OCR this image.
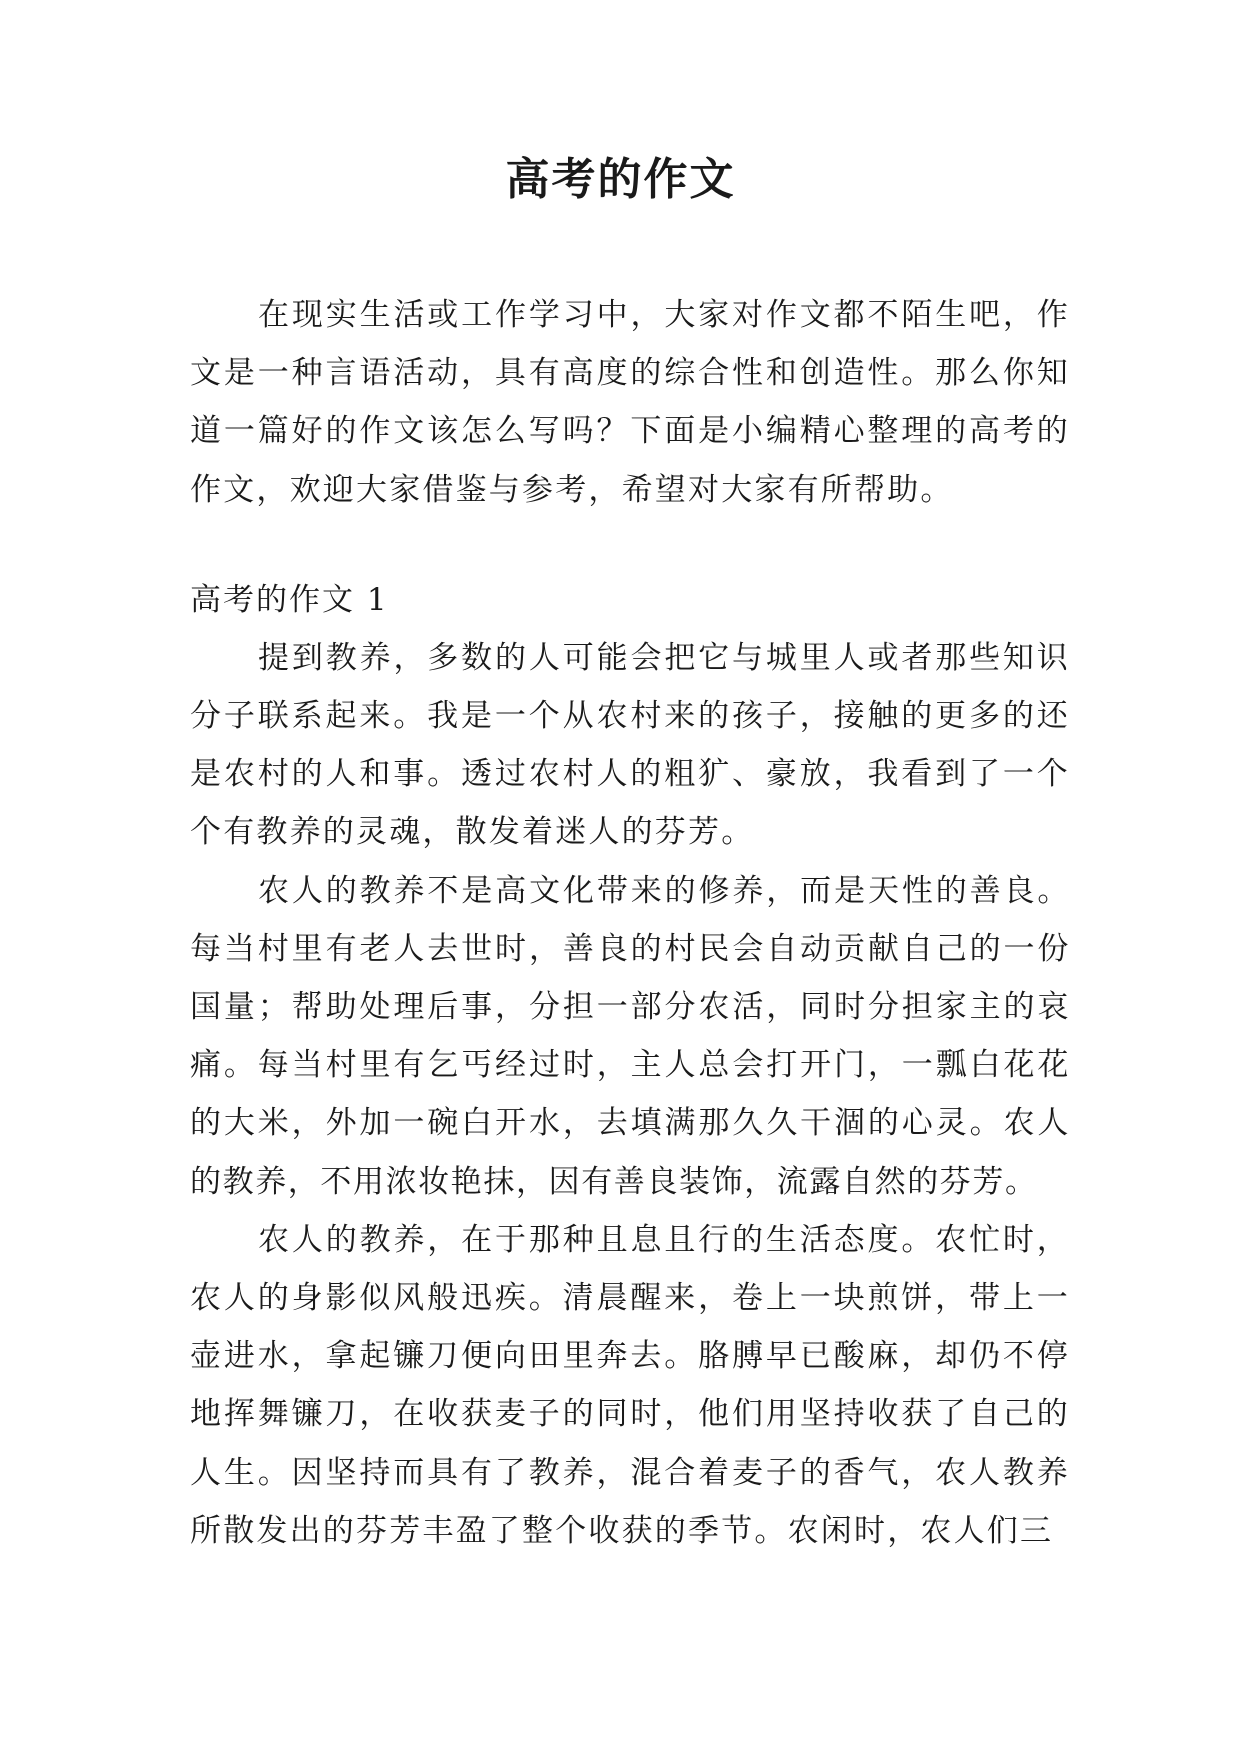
高考的作文

在现实生活或工作学习中，大家对作文都不陌生吧，作文是一种言语活动，具有高度的综合性和创造性。那么你知道一篇好的作文该怎么写吗？下面是小编精心整理的高考的作文，欢迎大家借鉴与参考，希望对大家有所帮助。

高考的作文 1

提到教养，多数的人可能会把它与城里人或者那些知识分子联系起来。我是一个从农村来的孩子，接触的更多的还是农村的人和事。透过农村人的粗犷、豪放，我看到了一个个有教养的灵魂，散发着迷人的芬芳。

农人的教养不是高文化带来的修养，而是天性的善良。每当村里有老人去世时，善良的村民会自动贡献自己的一份国量；帮助处理后事，分担一部分农活，同时分担家主的哀痛。每当村里有乞丐经过时，主人总会打开门，一瓢白花花的大米，外加一碗白开水，去填满那久久干涸的心灵。农人的教养，不用浓妆艳抹，因有善良装饰，流露自然的芬芳。

农人的教养，在于那种且息且行的生活态度。农忙时，农人的身影似风般迅疾。清晨醒来，卷上一块煎饼，带上一壶进水，拿起镰刀便向田里奔去。胳膊早已酸麻，却仍不停地挥舞镰刀，在收获麦子的同时，他们用坚持收获了自己的人生。因坚持而具有了教养，混合着麦子的香气，农人教养所散发出的芬芳丰盈了整个收获的季节。农闲时，农人们三
